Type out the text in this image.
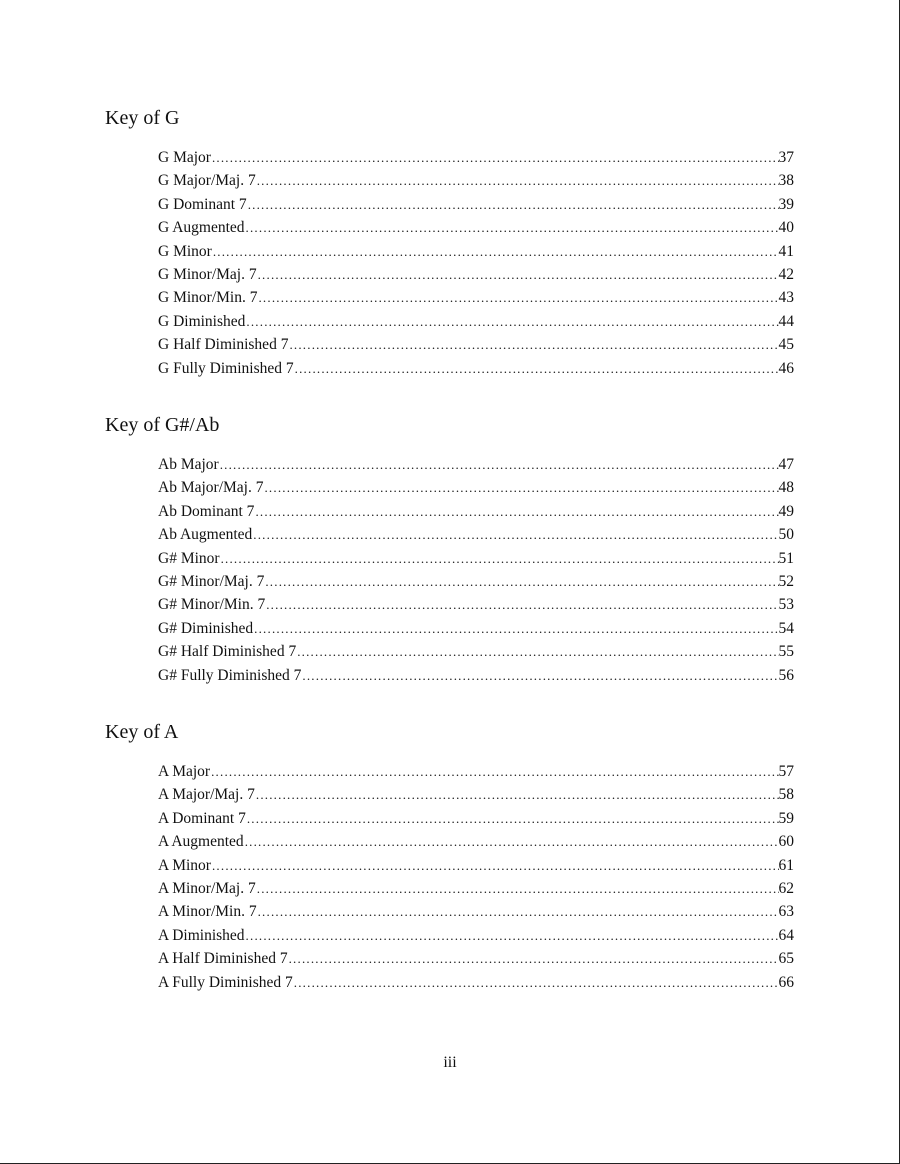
Key of G
G Major .....	37
G Major/Maj. 7 .....	38
G Dominant 7 .....	39
G Augmented .....	40
G Minor .....	41
G Minor/Maj. 7 .....	42
G Minor/Min. 7 .....	43
G Diminished .....	44
G Half Diminished 7 .....	45
G Fully Diminished 7 .....	46
Key of G#/Ab
Ab Major .....	47
Ab Major/Maj. 7 .....	48
Ab Dominant 7 .....	49
Ab Augmented .....	50
G# Minor .....	51
G# Minor/Maj. 7 .....	52
G# Minor/Min. 7 .....	53
G# Diminished .....	54
G# Half Diminished 7 .....	55
G# Fully Diminished 7 .....	56
Key of A
A Major .....	57
A Major/Maj. 7 .....	58
A Dominant 7 .....	59
A Augmented .....	60
A Minor .....	61
A Minor/Maj. 7 .....	62
A Minor/Min. 7 .....	63
A Diminished .....	64
A Half Diminished 7 .....	65
A Fully Diminished 7 .....	66
iii
